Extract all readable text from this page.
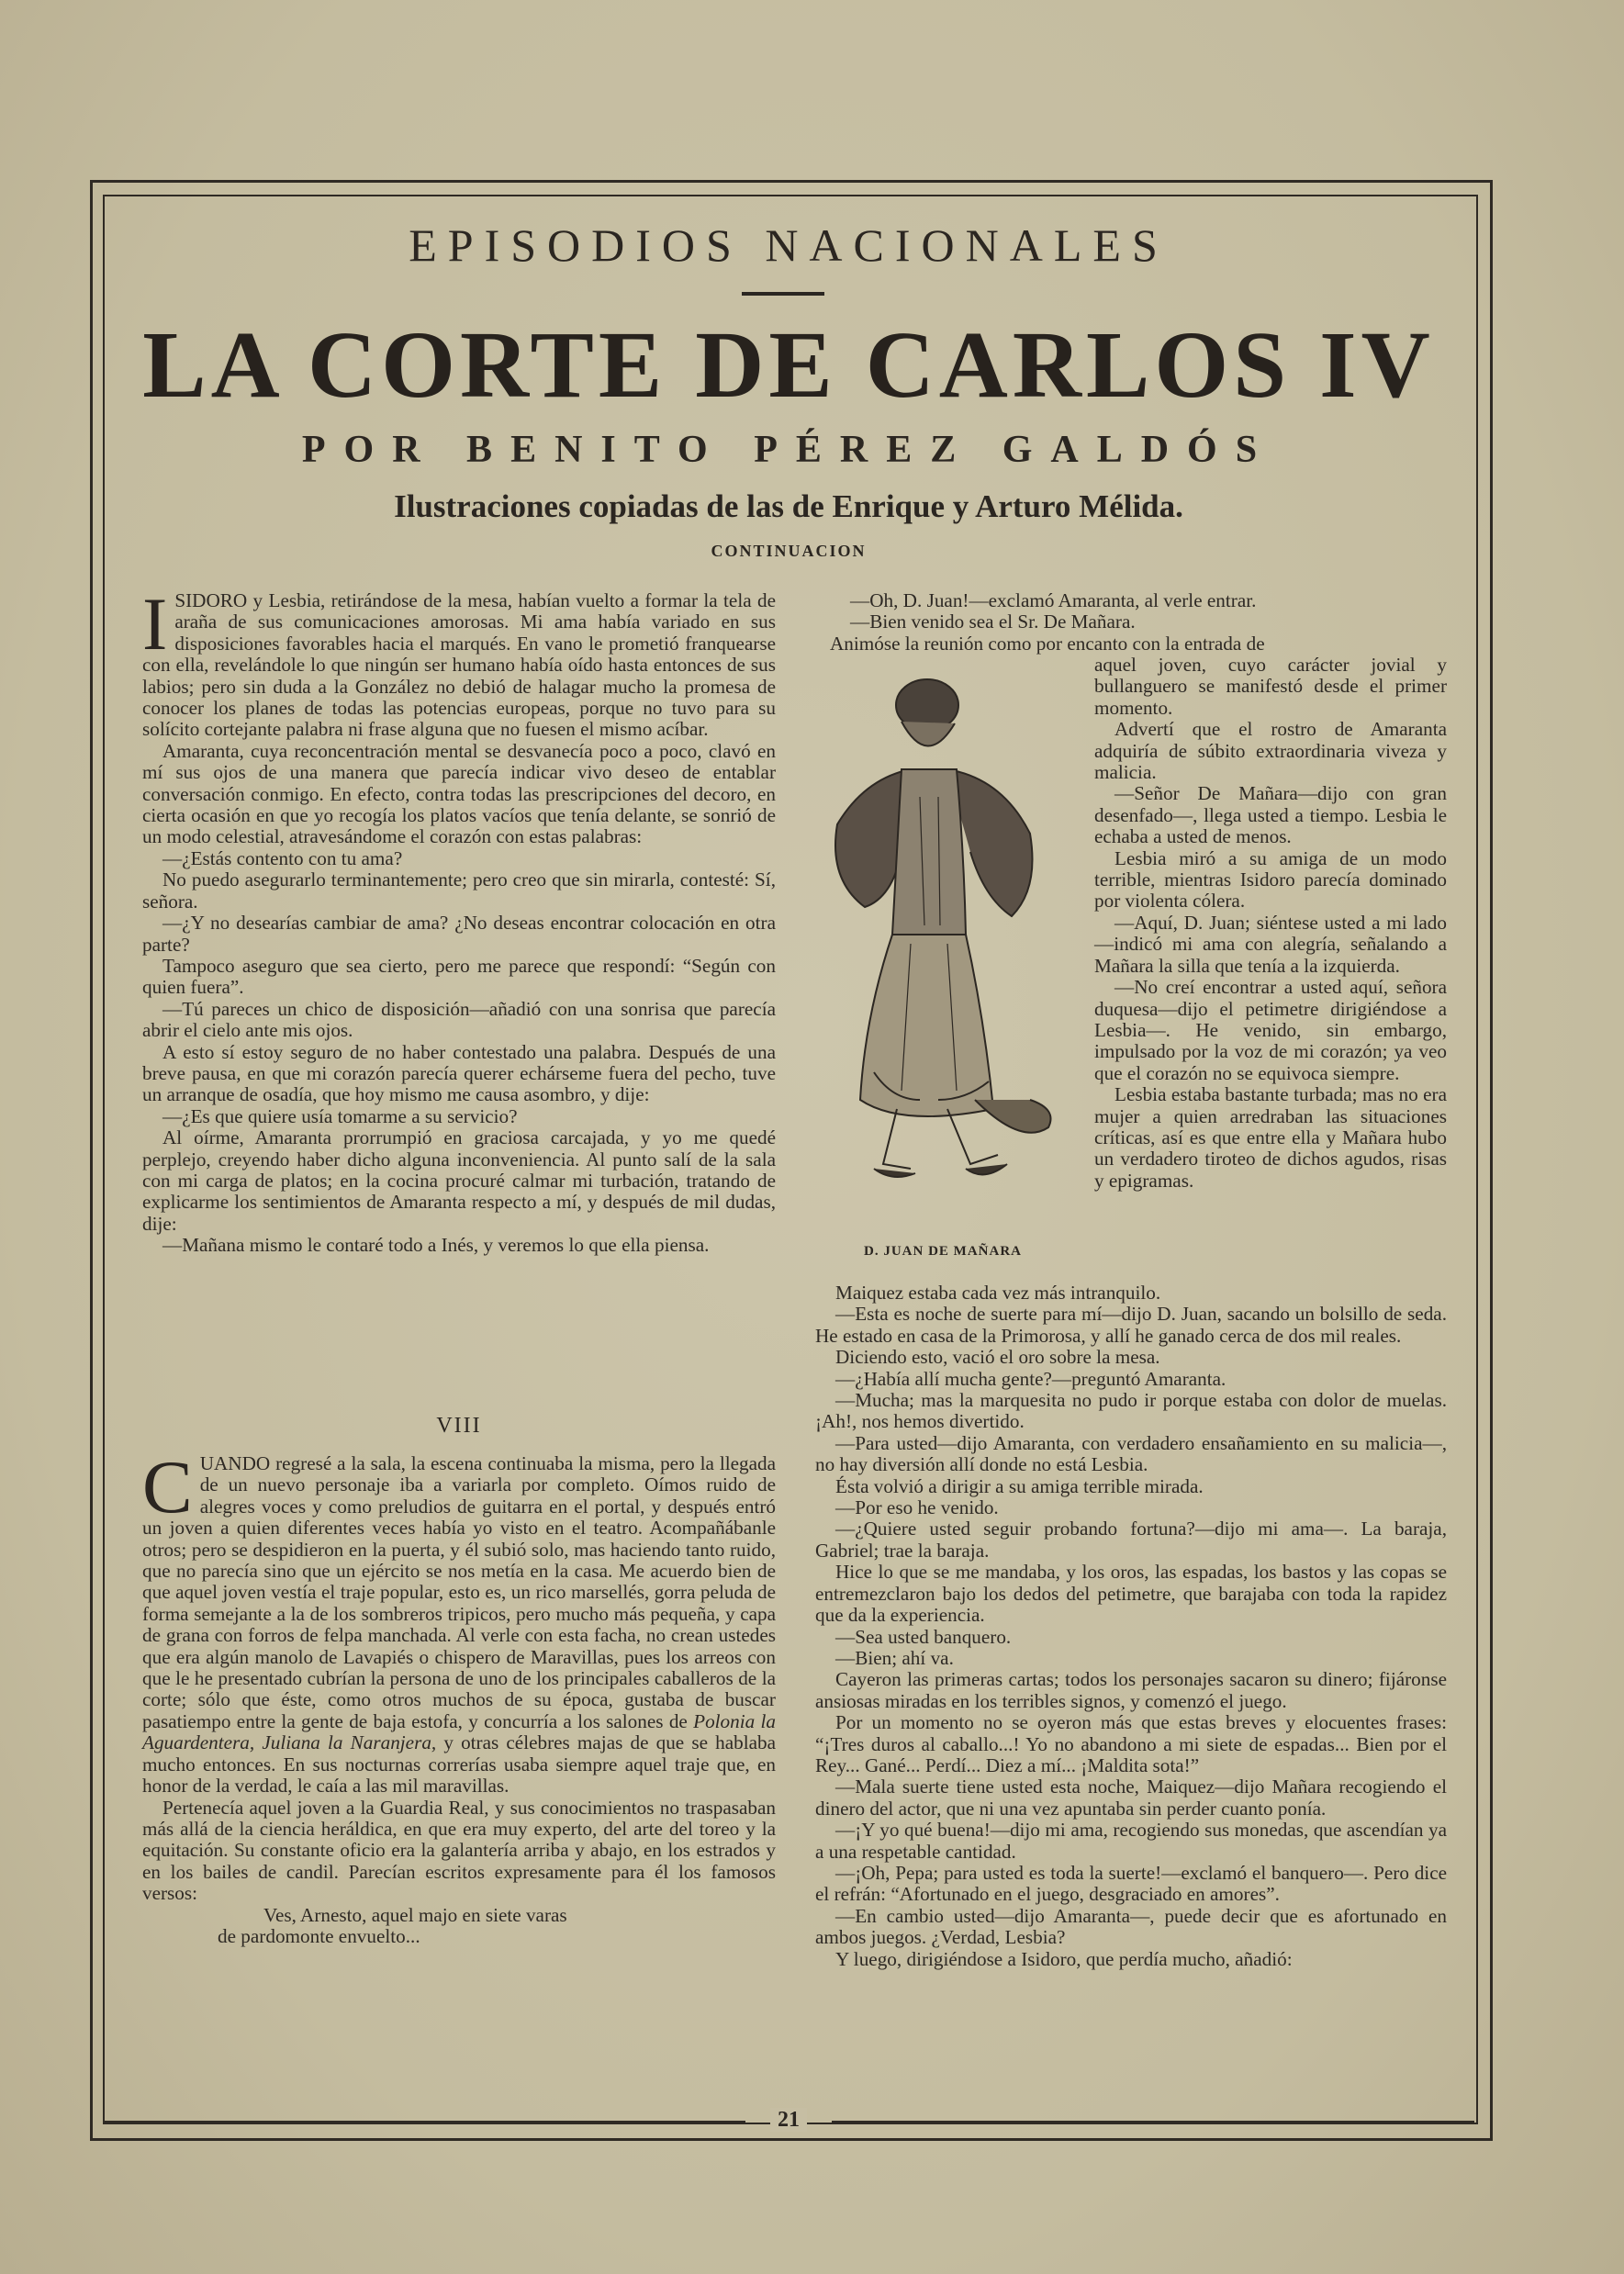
EPISODIOS NACIONALES
LA CORTE DE CARLOS IV
POR BENITO PÉREZ GALDÓS
Ilustraciones copiadas de las de Enrique y Arturo Mélida.
CONTINUACION

ISIDORO y Lesbia, retirándose de la mesa, habían vuelto a formar la tela de araña de sus comunicaciones amorosas. Mi ama había variado en sus disposiciones favorables hacia el marqués. En vano le prometió franquearse con ella, revelándole lo que ningún ser humano había oído hasta entonces de sus labios; pero sin duda a la González no debió de halagar mucho la promesa de conocer los planes de todas las potencias europeas, porque no tuvo para su solícito cortejante palabra ni frase alguna que no fuesen el mismo acíbar.

Amaranta, cuya reconcentración mental se desvanecía poco a poco, clavó en mí sus ojos de una manera que parecía indicar vivo deseo de entablar conversación conmigo. En efecto, contra todas las prescripciones del decoro, en cierta ocasión en que yo recogía los platos vacíos que tenía delante, se sonrió de un modo celestial, atravesándome el corazón con estas palabras:

—¿Estás contento con tu ama?

No puedo asegurarlo terminantemente; pero creo que sin mirarla, contesté: Sí, señora.

—¿Y no desearías cambiar de ama? ¿No deseas encontrar colocación en otra parte?

Tampoco aseguro que sea cierto, pero me parece que respondí: “Según con quien fuera”.

—Tú pareces un chico de disposición—añadió con una sonrisa que parecía abrir el cielo ante mis ojos.

A esto sí estoy seguro de no haber contestado una palabra. Después de una breve pausa, en que mi corazón parecía querer echárseme fuera del pecho, tuve un arranque de osadía, que hoy mismo me causa asombro, y dije:

—¿Es que quiere usía tomarme a su servicio?

Al oírme, Amaranta prorrumpió en graciosa carcajada, y yo me quedé perplejo, creyendo haber dicho alguna inconveniencia. Al punto salí de la sala con mi carga de platos; en la cocina procuré calmar mi turbación, tratando de explicarme los sentimientos de Amaranta respecto a mí, y después de mil dudas, dije:

—Mañana mismo le contaré todo a Inés, y veremos lo que ella piensa.

VIII

CUANDO regresé a la sala, la escena continuaba la misma, pero la llegada de un nuevo personaje iba a variarla por completo. Oímos ruido de alegres voces y como preludios de guitarra en el portal, y después entró un joven a quien diferentes veces había yo visto en el teatro. Acompañábanle otros; pero se despidieron en la puerta, y él subió solo, mas haciendo tanto ruido, que no parecía sino que un ejército se nos metía en la casa. Me acuerdo bien de que aquel joven vestía el traje popular, esto es, un rico marsellés, gorra peluda de forma semejante a la de los sombreros tripicos, pero mucho más pequeña, y capa de grana con forros de felpa manchada. Al verle con esta facha, no crean ustedes que era algún manolo de Lavapiés o chispero de Maravillas, pues los arreos con que le he presentado cubrían la persona de uno de los principales caballeros de la corte; sólo que éste, como otros muchos de su época, gustaba de buscar pasatiempo entre la gente de baja estofa, y concurría a los salones de Polonia la Aguardentera, Juliana la Naranjera, y otras célebres majas de que se hablaba mucho entonces. En sus nocturnas correrías usaba siempre aquel traje que, en honor de la verdad, le caía a las mil maravillas.

Pertenecía aquel joven a la Guardia Real, y sus conocimientos no traspasaban más allá de la ciencia heráldica, en que era muy experto, del arte del toreo y la equitación. Su constante oficio era la galantería arriba y abajo, en los estrados y en los bailes de candil. Parecían escritos expresamente para él los famosos versos:

Ves, Arnesto, aquel majo en siete varas

de pardomonte envuelto...

—Oh, D. Juan!—exclamó Amaranta, al verle entrar.

—Bien venido sea el Sr. De Mañara.

Animóse la reunión como por encanto con la entrada de

aquel joven, cuyo carácter jovial y bullanguero se manifestó desde el primer momento.

Advertí que el rostro de Amaranta adquiría de súbito extraordinaria viveza y malicia.

—Señor De Mañara—dijo con gran desenfado—, llega usted a tiempo. Lesbia le echaba a usted de menos.

Lesbia miró a su amiga de un modo terrible, mientras Isidoro parecía dominado por violenta cólera.

—Aquí, D. Juan; siéntese usted a mi lado—indicó mi ama con alegría, señalando a Mañara la silla que tenía a la izquierda.

—No creí encontrar a usted aquí, señora duquesa—dijo el petimetre dirigiéndose a Lesbia—. He venido, sin embargo, impulsado por la voz de mi corazón; ya veo que el corazón no se equivoca siempre.

Lesbia estaba bastante turbada; mas no era mujer a quien arredraban las situaciones críticas, así es que entre ella y Mañara hubo un verdadero tiroteo de dichos agudos, risas y epigramas.

D. JUAN DE MAÑARA

Maiquez estaba cada vez más intranquilo.

—Esta es noche de suerte para mí—dijo D. Juan, sacando un bolsillo de seda. He estado en casa de la Primorosa, y allí he ganado cerca de dos mil reales.

Diciendo esto, vació el oro sobre la mesa.

—¿Había allí mucha gente?—preguntó Amaranta.

—Mucha; mas la marquesita no pudo ir porque estaba con dolor de muelas. ¡Ah!, nos hemos divertido.

—Para usted—dijo Amaranta, con verdadero ensañamiento en su malicia—, no hay diversión allí donde no está Lesbia.

Ésta volvió a dirigir a su amiga terrible mirada.

—Por eso he venido.

—¿Quiere usted seguir probando fortuna?—dijo mi ama—. La baraja, Gabriel; trae la baraja.

Hice lo que se me mandaba, y los oros, las espadas, los bastos y las copas se entremezclaron bajo los dedos del petimetre, que barajaba con toda la rapidez que da la experiencia.

—Sea usted banquero.

—Bien; ahí va.

Cayeron las primeras cartas; todos los personajes sacaron su dinero; fijáronse ansiosas miradas en los terribles signos, y comenzó el juego.

Por un momento no se oyeron más que estas breves y elocuentes frases: “¡Tres duros al caballo...! Yo no abandono a mi siete de espadas... Bien por el Rey... Gané... Perdí... Diez a mí... ¡Maldita sota!”

—Mala suerte tiene usted esta noche, Maiquez—dijo Mañara recogiendo el dinero del actor, que ni una vez apuntaba sin perder cuanto ponía.

—¡Y yo qué buena!—dijo mi ama, recogiendo sus monedas, que ascendían ya a una respetable cantidad.

—¡Oh, Pepa; para usted es toda la suerte!—exclamó el banquero—. Pero dice el refrán: “Afortunado en el juego, desgraciado en amores”.

—En cambio usted—dijo Amaranta—, puede decir que es afortunado en ambos juegos. ¿Verdad, Lesbia?

Y luego, dirigiéndose a Isidoro, que perdía mucho, añadió:

21
